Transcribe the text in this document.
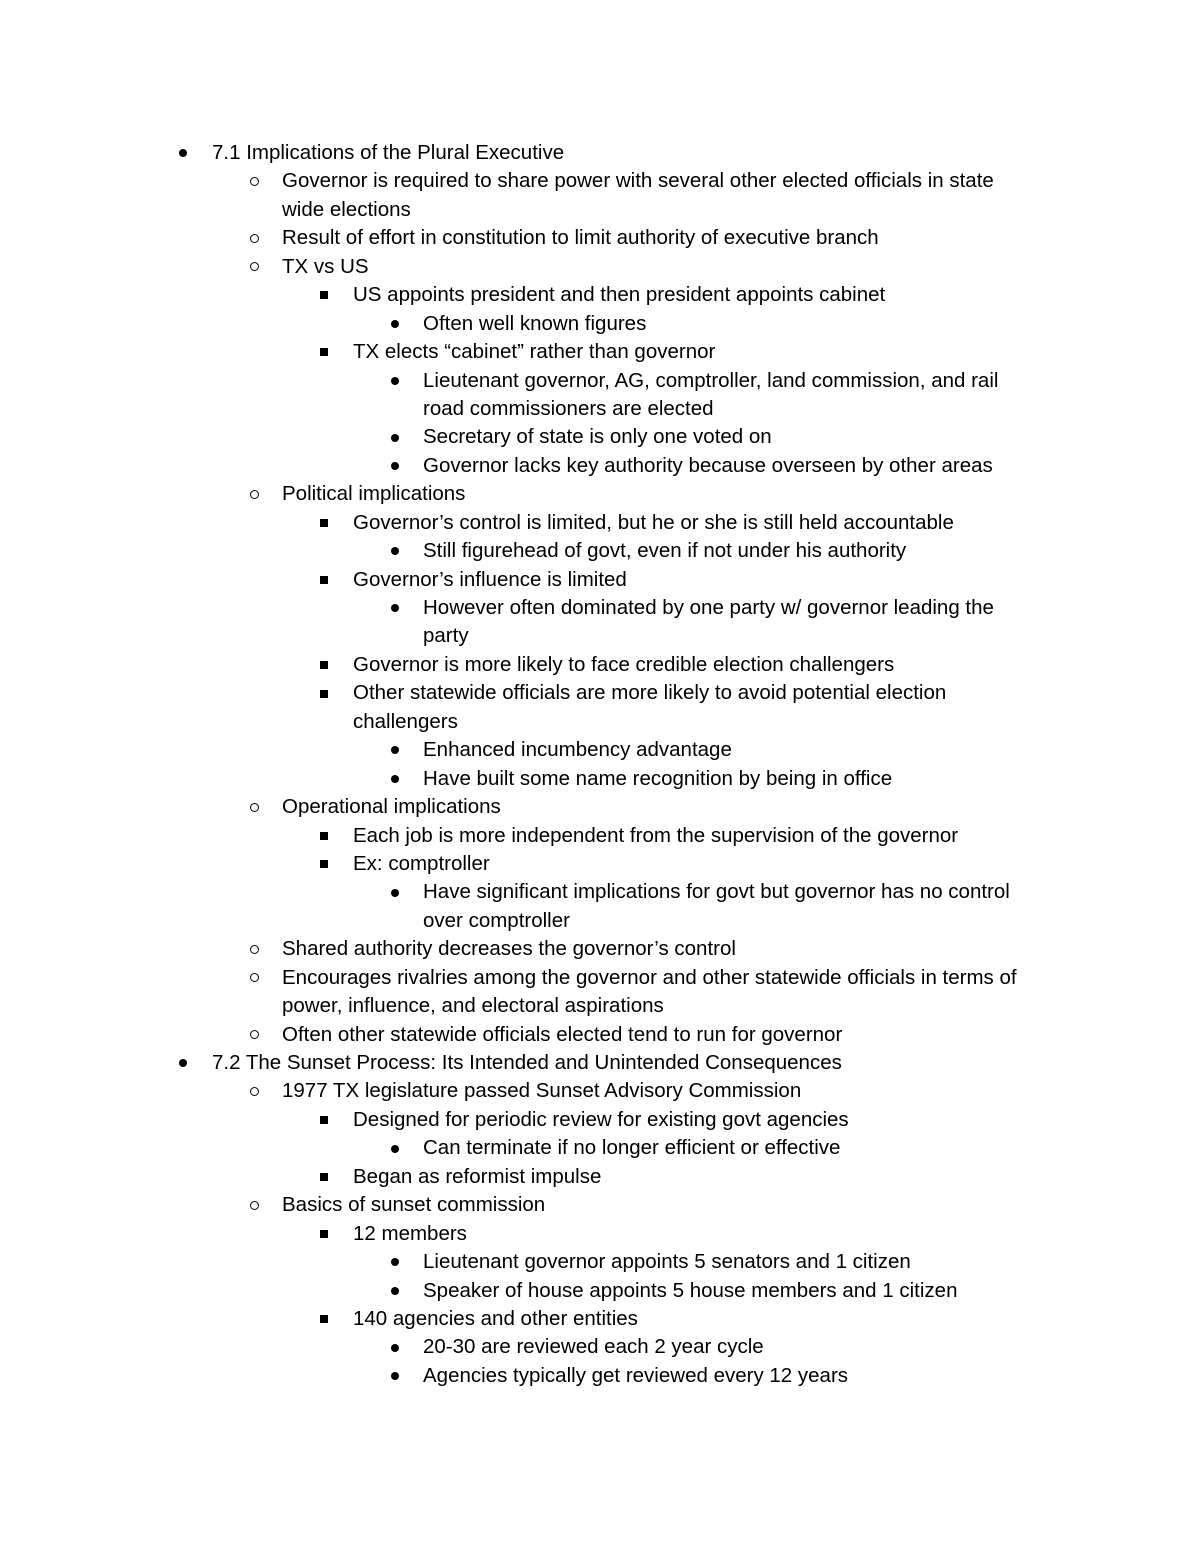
7.1 Implications of the Plural Executive
Governor is required to share power with several other elected officials in state
wide elections
Result of effort in constitution to limit authority of executive branch
TX vs US
US appoints president and then president appoints cabinet
Often well known figures
TX elects “cabinet” rather than governor
Lieutenant governor, AG, comptroller, land commission, and rail
road commissioners are elected
Secretary of state is only one voted on
Governor lacks key authority because overseen by other areas
Political implications
Governor’s control is limited, but he or she is still held accountable
Still figurehead of govt, even if not under his authority
Governor’s influence is limited
However often dominated by one party w/ governor leading the
party
Governor is more likely to face credible election challengers
Other statewide officials are more likely to avoid potential election
challengers
Enhanced incumbency advantage
Have built some name recognition by being in office
Operational implications
Each job is more independent from the supervision of the governor
Ex: comptroller
Have significant implications for govt but governor has no control
over comptroller
Shared authority decreases the governor’s control
Encourages rivalries among the governor and other statewide officials in terms of
power, influence, and electoral aspirations
Often other statewide officials elected tend to run for governor
7.2 The Sunset Process: Its Intended and Unintended Consequences
1977 TX legislature passed Sunset Advisory Commission
Designed for periodic review for existing govt agencies
Can terminate if no longer efficient or effective
Began as reformist impulse
Basics of sunset commission
12 members
Lieutenant governor appoints 5 senators and 1 citizen
Speaker of house appoints 5 house members and 1 citizen
140 agencies and other entities
20-30 are reviewed each 2 year cycle
Agencies typically get reviewed every 12 years
